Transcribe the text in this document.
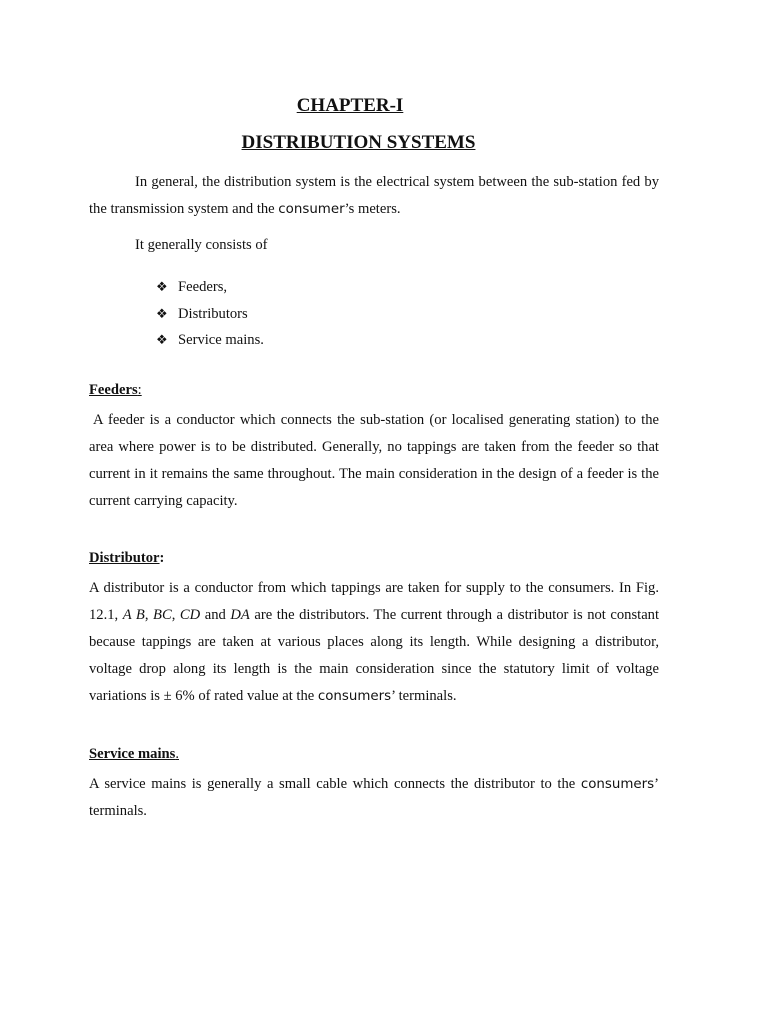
CHAPTER-I
DISTRIBUTION SYSTEMS

In general, the distribution system is the electrical system between the sub-station fed by the transmission system and the consumer’s meters.

It generally consists of

❖ Feeders,
❖ Distributors
❖ Service mains.
Feeders:

A feeder is a conductor which connects the sub-station (or localised generating station) to the area where power is to be distributed. Generally, no tappings are taken from the feeder so that current in it remains the same throughout. The main consideration in the design of a feeder is the current carrying capacity.

Distributor:

A distributor is a conductor from which tappings are taken for supply to the consumers. In Fig. 12.1, A B, BC, CD and DA are the distributors. The current through a distributor is not constant because tappings are taken at various places along its length. While designing a distributor, voltage drop along its length is the main consideration since the statutory limit of voltage variations is ± 6% of rated value at the consumers’ terminals.

Service mains.

A service mains is generally a small cable which connects the distributor to the consumers’ terminals.
